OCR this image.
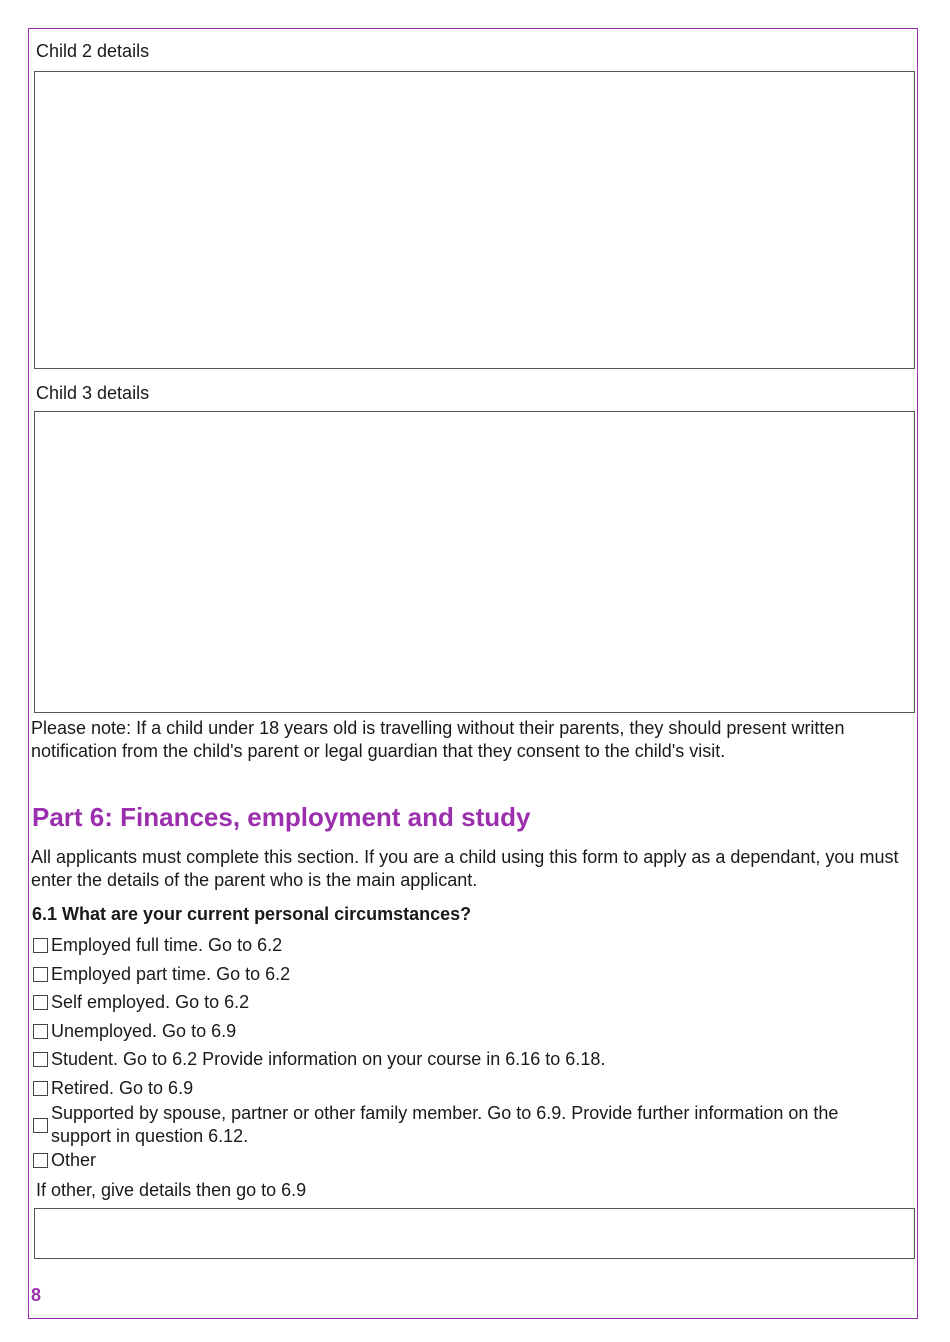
Child 2 details
Child 3 details
Please note: If a child under 18 years old is travelling without their parents, they should present written notification from the child's parent or legal guardian that they consent to the child's visit.
Part 6: Finances, employment and study
All applicants must complete this section. If you are a child using this form to apply as a dependant, you must enter the details of the parent who is the main applicant.
6.1 What are your current personal circumstances?
Employed full time. Go to 6.2
Employed part time. Go to 6.2
Self employed. Go to 6.2
Unemployed. Go to 6.9
Student. Go to 6.2 Provide information on your course in 6.16 to 6.18.
Retired. Go to 6.9
Supported by spouse, partner or other family member. Go to 6.9. Provide further information on the support in question 6.12.
Other
If other, give details then go to 6.9
8
